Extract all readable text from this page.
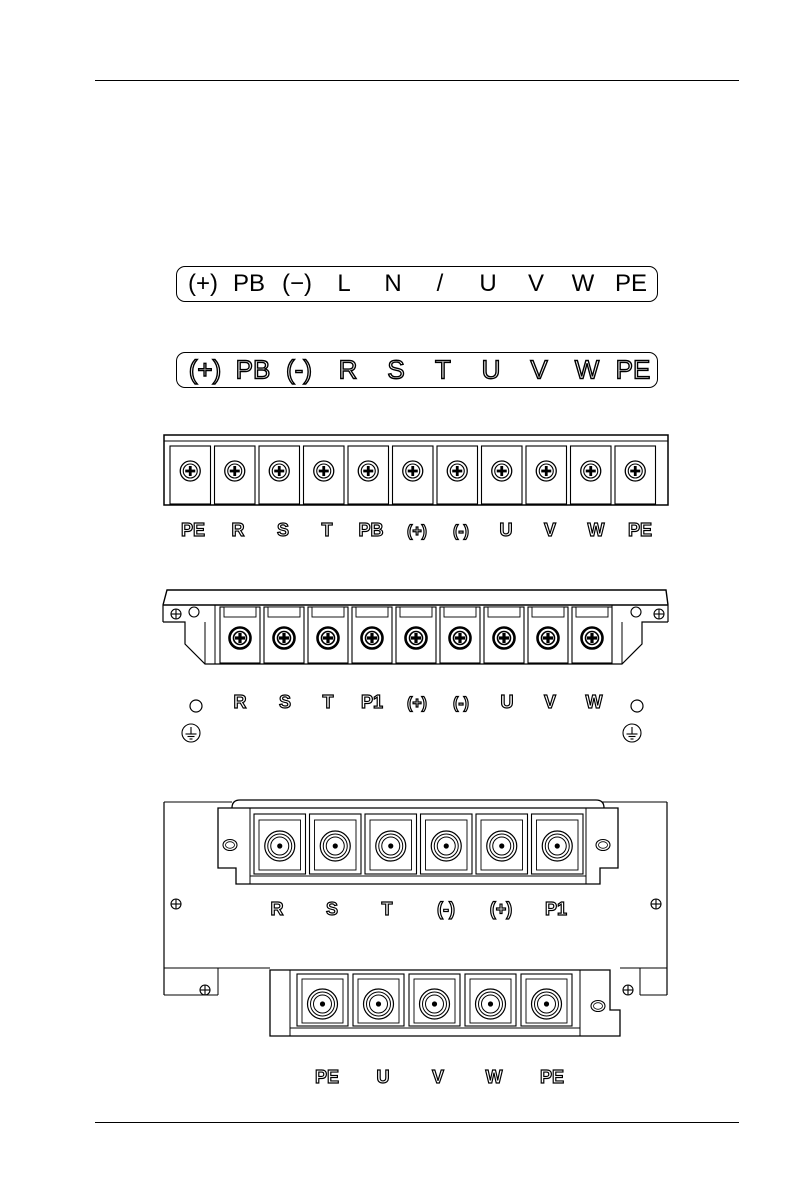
(+) PB (−) L N / U V W PE
(+) PB (-) R S T U V W PE
PE R S T PB (+) (-) U V W PE
R S T P1 (+) (-) U V W
R S T (-) (+) P1
PE U V W PE
